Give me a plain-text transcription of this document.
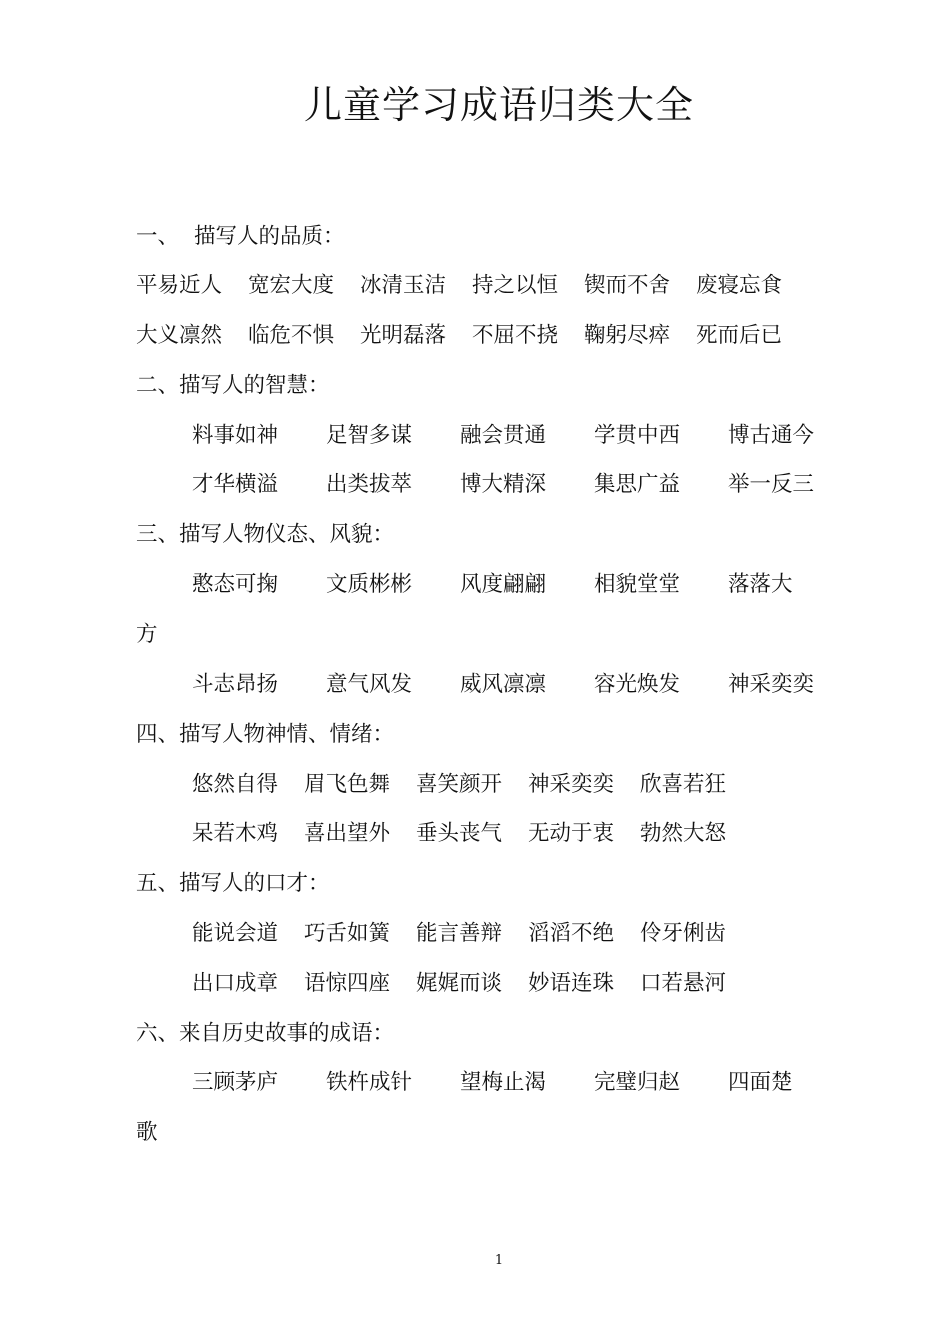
儿童学习成语归类大全
一、 描写人的品质：
平易近人 宽宏大度 冰清玉洁 持之以恒 锲而不舍 废寝忘食
大义凛然 临危不惧 光明磊落 不屈不挠 鞠躬尽瘁 死而后已
二、描写人的智慧：
料事如神 足智多谋 融会贯通 学贯中西 博古通今
才华横溢 出类拔萃 博大精深 集思广益 举一反三
三、描写人物仪态、风貌：
憨态可掬 文质彬彬 风度翩翩 相貌堂堂 落落大
方
斗志昂扬 意气风发 威风凛凛 容光焕发 神采奕奕
四、描写人物神情、情绪：
悠然自得 眉飞色舞 喜笑颜开 神采奕奕 欣喜若狂
呆若木鸡 喜出望外 垂头丧气 无动于衷 勃然大怒
五、描写人的口才：
能说会道 巧舌如簧 能言善辩 滔滔不绝 伶牙俐齿
出口成章 语惊四座 娓娓而谈 妙语连珠 口若悬河
六、来自历史故事的成语：
三顾茅庐 铁杵成针 望梅止渴 完璧归赵 四面楚
歌
1
